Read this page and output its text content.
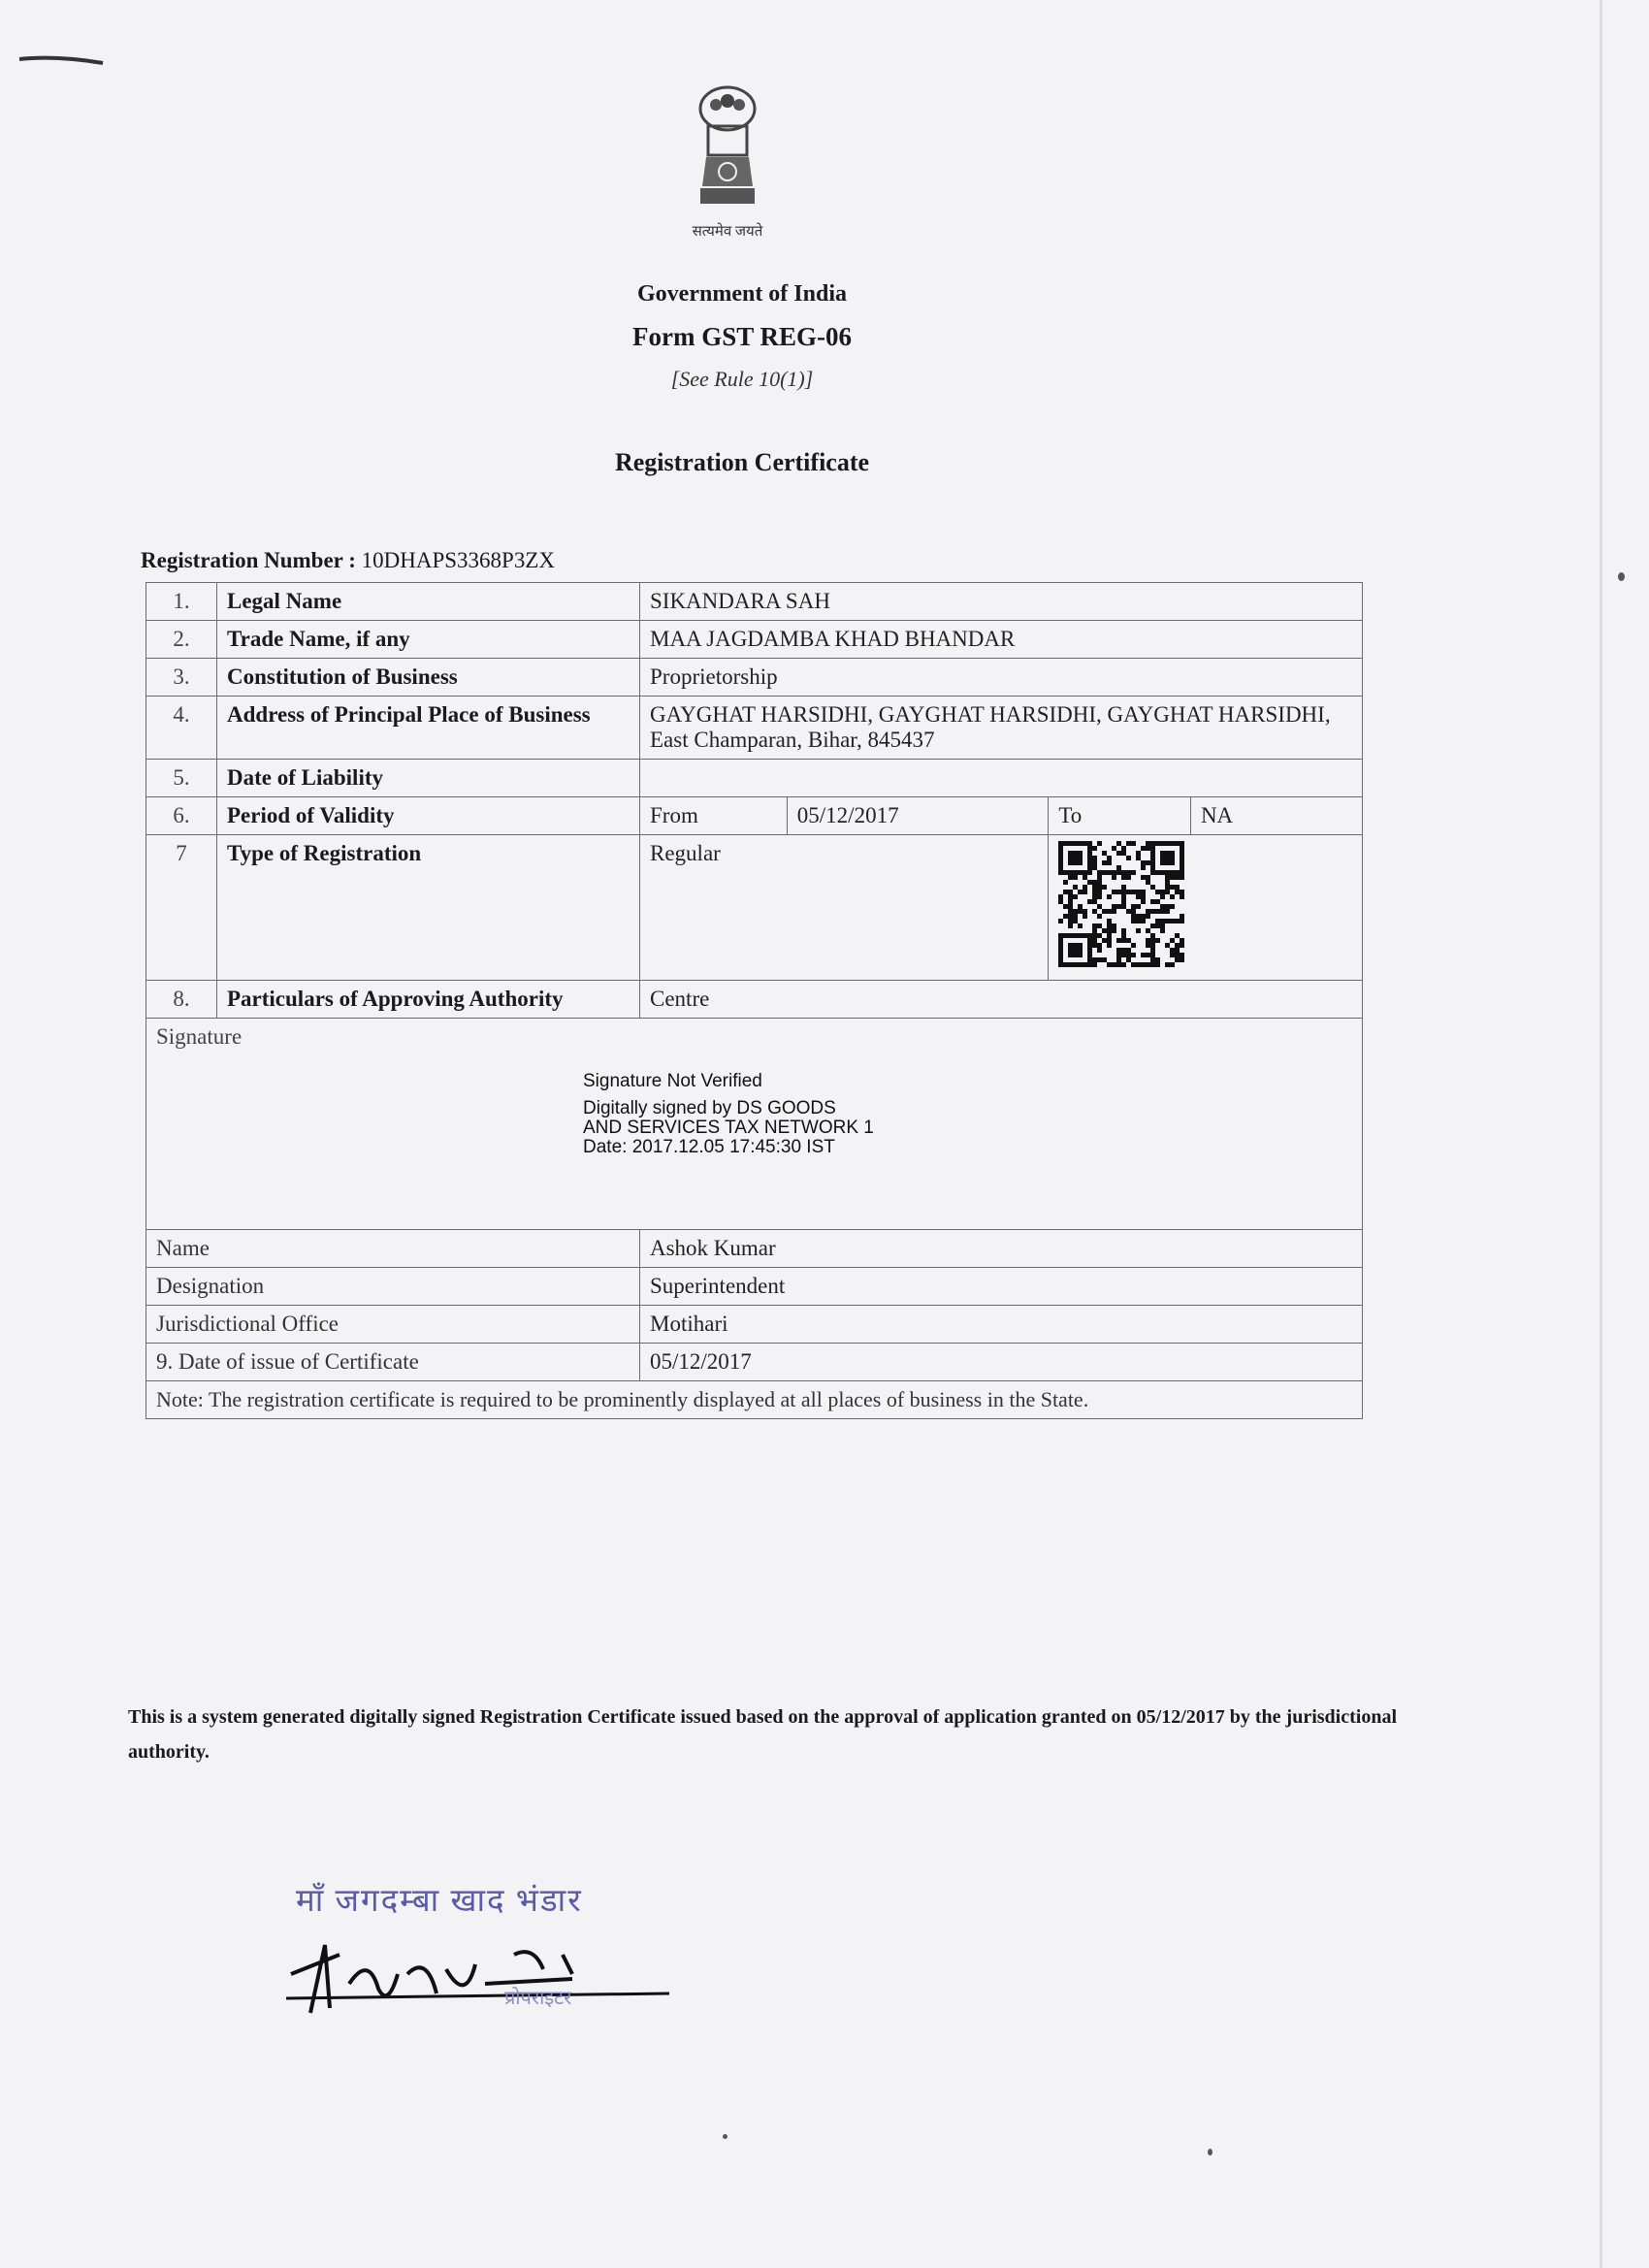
सत्यमेव जयते
Government of India
Form GST REG-06
[See Rule 10(1)]
Registration Certificate
Registration Number : 10DHAPS3368P3ZX
1.	Legal Name	SIKANDARA SAH			
2.	Trade Name, if any	MAA JAGDAMBA KHAD BHANDAR			
3.	Constitution of Business	Proprietorship			
4.	Address of Principal Place of Business	GAYGHAT HARSIDHI, GAYGHAT HARSIDHI, GAYGHAT HARSIDHI, East Champaran, Bihar, 845437			
5.	Date of Liability				
6.	Period of Validity	From	05/12/2017	To	NA
7	Type of Registration	Regular	
8.	Particulars of Approving Authority	Centre			

Signature
Signature Not Verified
Digitally signed by DS GOODS
AND SERVICES TAX NETWORK 1
Date: 2017.12.05 17:45:30 IST					

Name		Ashok Kumar			
Designation		Superintendent			
Jurisdictional Office		Motihari			
9. Date of issue of Certificate		05/12/2017			
Note: The registration certificate is required to be prominently displayed at all places of business in the State.					
This is a system generated digitally signed Registration Certificate issued based on the approval of application granted on 05/12/2017 by the jurisdictional authority.
माँ जगदम्बा खाद भंडार
प्रोपराइटर
